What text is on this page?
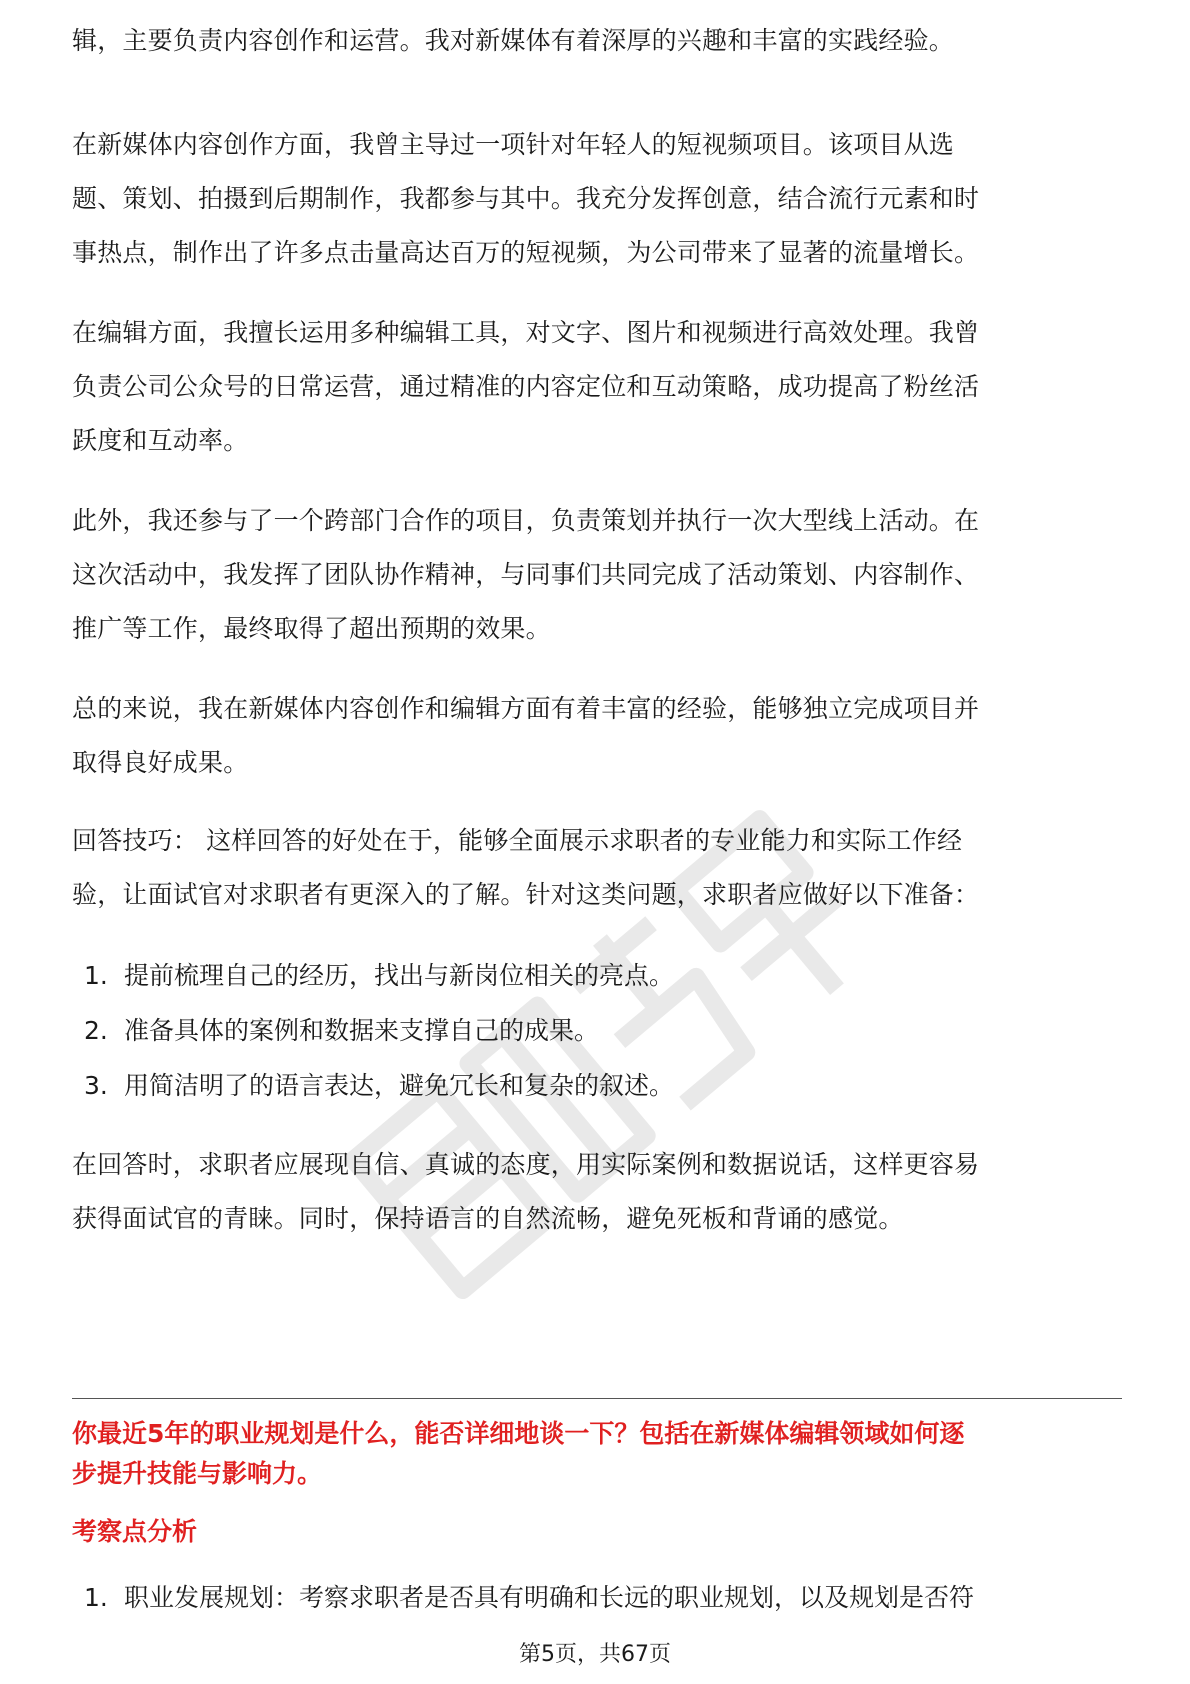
辑，主要负责内容创作和运营。我对新媒体有着深厚的兴趣和丰富的实践经验。

在新媒体内容创作方面，我曾主导过一项针对年轻人的短视频项目。该项目从选
题、策划、拍摄到后期制作，我都参与其中。我充分发挥创意，结合流行元素和时
事热点，制作出了许多点击量高达百万的短视频，为公司带来了显著的流量增长。

在编辑方面，我擅长运用多种编辑工具，对文字、图片和视频进行高效处理。我曾
负责公司公众号的日常运营，通过精准的内容定位和互动策略，成功提高了粉丝活
跃度和互动率。

此外，我还参与了一个跨部门合作的项目，负责策划并执行一次大型线上活动。在
这次活动中，我发挥了团队协作精神，与同事们共同完成了活动策划、内容制作、
推广等工作，最终取得了超出预期的效果。

总的来说，我在新媒体内容创作和编辑方面有着丰富的经验，能够独立完成项目并
取得良好成果。

回答技巧： 这样回答的好处在于，能够全面展示求职者的专业能力和实际工作经
验，让面试官对求职者有更深入的了解。针对这类问题，求职者应做好以下准备：

1. 提前梳理自己的经历，找出与新岗位相关的亮点。
2. 准备具体的案例和数据来支撑自己的成果。
3. 用简洁明了的语言表达，避免冗长和复杂的叙述。

在回答时，求职者应展现自信、真诚的态度，用实际案例和数据说话，这样更容易
获得面试官的青睐。同时，保持语言的自然流畅，避免死板和背诵的感觉。

你最近5年的职业规划是什么，能否详细地谈一下？包括在新媒体编辑领域如何逐
步提升技能与影响力。
考察点分析
1. 职业发展规划：考察求职者是否具有明确和长远的职业规划，以及规划是否符
第5页，共67页
